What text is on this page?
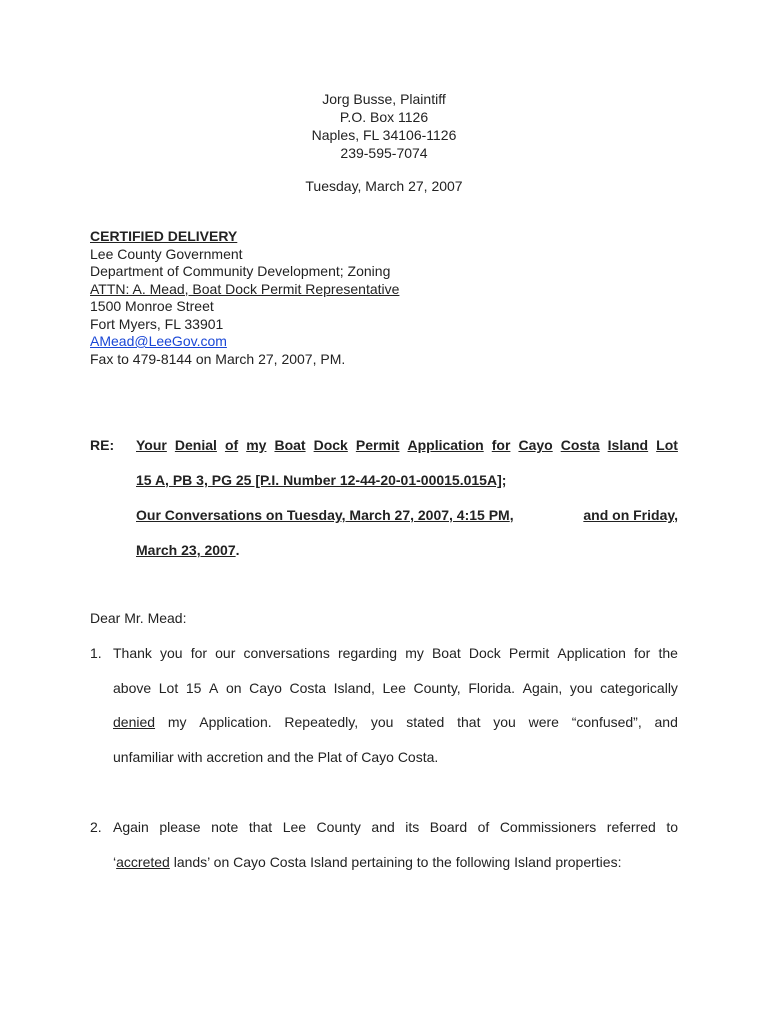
Jorg Busse, Plaintiff
P.O. Box 1126
Naples, FL 34106-1126
239-595-7074
Tuesday, March 27, 2007
CERTIFIED DELIVERY
Lee County Government
Department of Community Development; Zoning
ATTN: A. Mead, Boat Dock Permit Representative
1500 Monroe Street
Fort Myers, FL 33901
AMead@LeeGov.com
Fax to 479-8144 on March 27, 2007, PM.
RE: Your Denial of my Boat Dock Permit Application for Cayo Costa Island Lot
15 A, PB 3, PG 25 [P.I. Number 12-44-20-01-00015.015A];
Our Conversations on Tuesday, March 27, 2007, 4:15 PM,	and on Friday,
March 23, 2007.
Dear Mr. Mead:
1. Thank you for our conversations regarding my Boat Dock Permit Application for the
above Lot 15 A on Cayo Costa Island, Lee County, Florida. Again, you categorically
denied my Application. Repeatedly, you stated that you were “confused”, and
unfamiliar with accretion and the Plat of Cayo Costa.
2. Again please note that Lee County and its Board of Commissioners referred to
‘accreted lands’ on Cayo Costa Island pertaining to the following Island properties:
